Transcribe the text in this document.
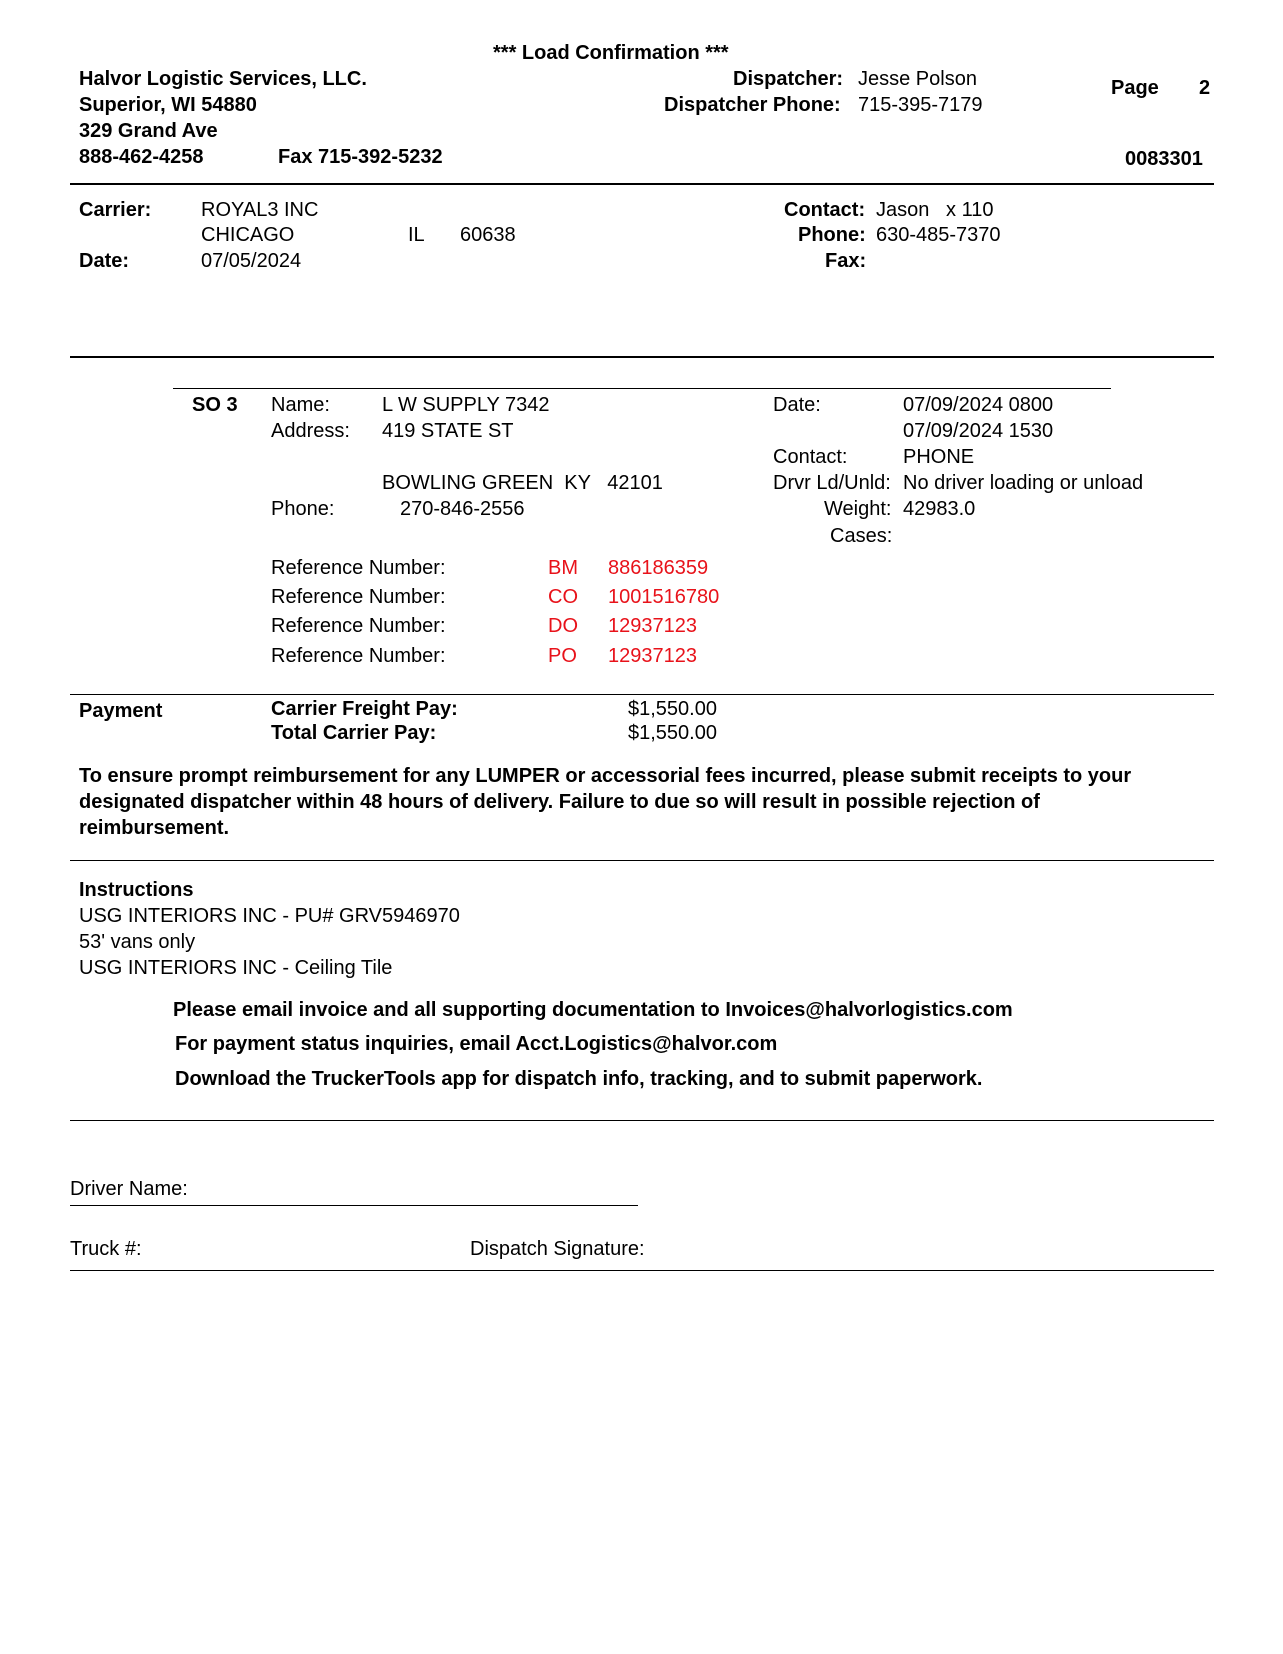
*** Load Confirmation ***
Halvor Logistic Services, LLC.
Superior, WI 54880
329 Grand Ave
888-462-4258	Fax 715-392-5232
Dispatcher: Jesse Polson
Dispatcher Phone: 715-395-7179
Page 2
0083301
Carrier: ROYAL3 INC
CHICAGO	IL 60638
Date:	07/05/2024
Contact: Jason   x 110
Phone: 630-485-7370
Fax:
SO 3 Name:	L W SUPPLY 7342
Address: 419 STATE ST
BOWLING GREEN  KY   42101
Phone:	270-846-2556
Date:	07/09/2024 0800
07/09/2024 1530
Contact:	PHONE
Drvr Ld/Unld: No driver loading or unload
Weight: 42983.0
Cases:
Reference Number:	BM 886186359
Reference Number:	CO 1001516780
Reference Number:	DO 12937123
Reference Number:	PO 12937123
Payment	Carrier Freight Pay:	$1,550.00
Total Carrier Pay:	$1,550.00
To ensure prompt reimbursement for any LUMPER or accessorial fees incurred, please submit receipts to your designated dispatcher within 48 hours of delivery. Failure to due so will result in possible rejection of reimbursement.
Instructions
USG INTERIORS INC - PU# GRV5946970
53' vans only
USG INTERIORS INC - Ceiling Tile
Please email invoice and all supporting documentation to Invoices@halvorlogistics.com
For payment status inquiries, email Acct.Logistics@halvor.com
Download the TruckerTools app for dispatch info, tracking, and to submit paperwork.
Driver Name:
Truck #:	Dispatch Signature:
